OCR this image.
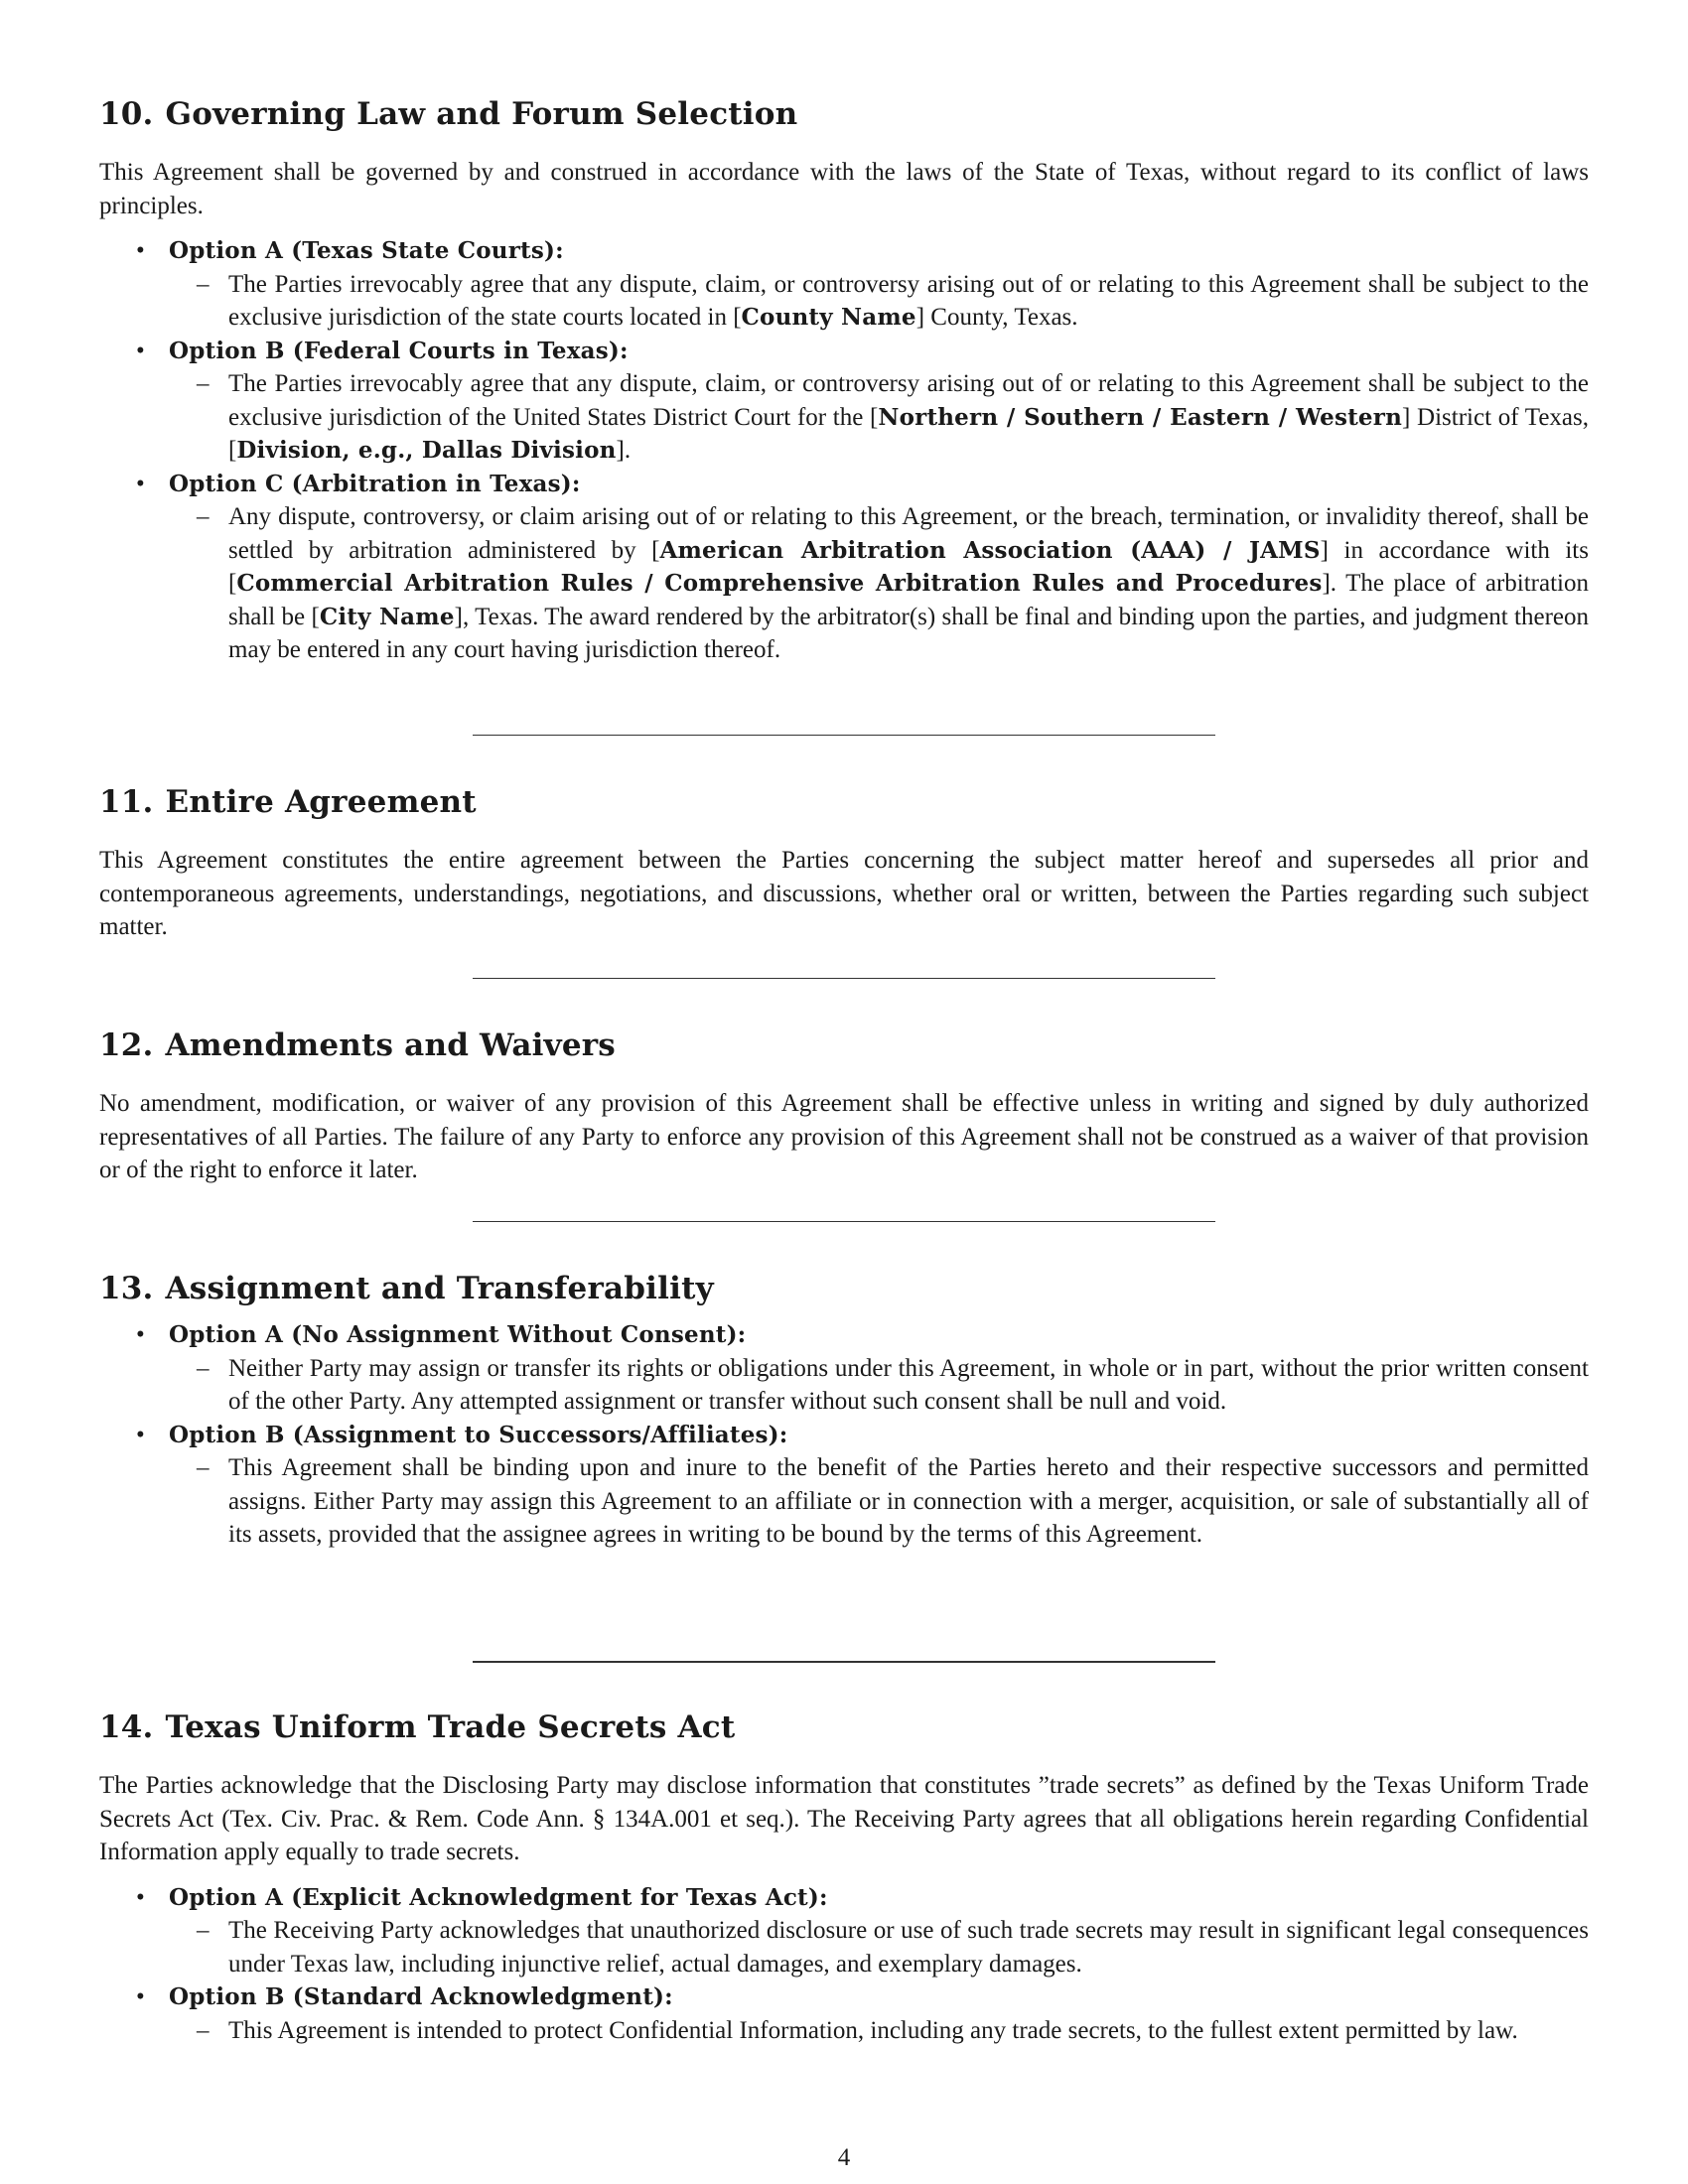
10. Governing Law and Forum Selection

This Agreement shall be governed by and construed in accordance with the laws of the State of Texas, without regard to its conflict of laws principles.

• Option A (Texas State Courts):

– The Parties irrevocably agree that any dispute, claim, or controversy arising out of or relating to this Agreement shall be subject to the exclusive jurisdiction of the state courts located in [County Name] County, Texas.

• Option B (Federal Courts in Texas):

– The Parties irrevocably agree that any dispute, claim, or controversy arising out of or relating to this Agreement shall be subject to the exclusive jurisdiction of the United States District Court for the [Northern / Southern / Eastern / Western] District of Texas, [Division, e.g., Dallas Division].

• Option C (Arbitration in Texas):

– Any dispute, controversy, or claim arising out of or relating to this Agreement, or the breach, termination, or invalidity thereof, shall be settled by arbitration administered by [American Arbitration Association (AAA) / JAMS] in accordance with its [Commercial Arbitration Rules / Comprehensive Arbitration Rules and Procedures]. The place of arbitration shall be [City Name], Texas. The award rendered by the arbitrator(s) shall be final and binding upon the parties, and judgment thereon may be entered in any court having jurisdiction thereof.

11. Entire Agreement

This Agreement constitutes the entire agreement between the Parties concerning the subject matter hereof and supersedes all prior and contemporaneous agreements, understandings, negotiations, and discussions, whether oral or written, between the Parties regarding such subject matter.

12. Amendments and Waivers

No amendment, modification, or waiver of any provision of this Agreement shall be effective unless in writing and signed by duly authorized representatives of all Parties. The failure of any Party to enforce any provision of this Agreement shall not be construed as a waiver of that provision or of the right to enforce it later.

13. Assignment and Transferability
• Option A (No Assignment Without Consent):

– Neither Party may assign or transfer its rights or obligations under this Agreement, in whole or in part, without the prior written consent of the other Party. Any attempted assignment or transfer without such consent shall be null and void.

• Option B (Assignment to Successors/Affiliates):

– This Agreement shall be binding upon and inure to the benefit of the Parties hereto and their respective successors and permitted assigns. Either Party may assign this Agreement to an affiliate or in connection with a merger, acquisition, or sale of substantially all of its assets, provided that the assignee agrees in writing to be bound by the terms of this Agreement.

14. Texas Uniform Trade Secrets Act

The Parties acknowledge that the Disclosing Party may disclose information that constitutes ”trade secrets” as defined by the Texas Uniform Trade Secrets Act (Tex. Civ. Prac. & Rem. Code Ann. § 134A.001 et seq.). The Receiving Party agrees that all obligations herein regarding Confidential Information apply equally to trade secrets.

• Option A (Explicit Acknowledgment for Texas Act):

– The Receiving Party acknowledges that unauthorized disclosure or use of such trade secrets may result in significant legal consequences under Texas law, including injunctive relief, actual damages, and exemplary damages.

• Option B (Standard Acknowledgment):

– This Agreement is intended to protect Confidential Information, including any trade secrets, to the fullest extent permitted by law.

4
